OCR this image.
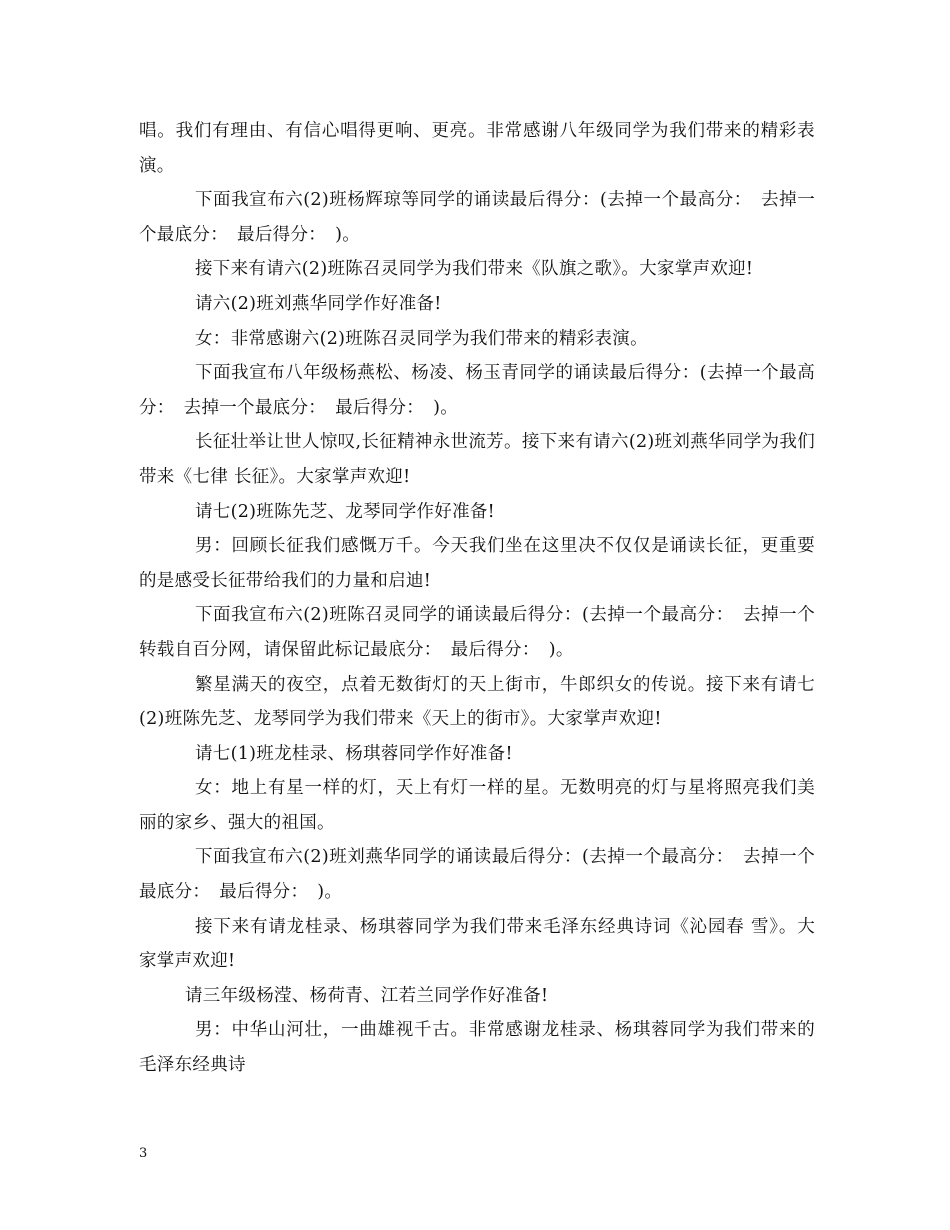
唱。我们有理由、有信心唱得更响、更亮。非常感谢八年级同学为我们带来的精彩表演。

下面我宣布六(2)班杨辉琼等同学的诵读最后得分：(去掉一个最高分：　去掉一个最底分：　最后得分：　)。

接下来有请六(2)班陈召灵同学为我们带来《队旗之歌》。大家掌声欢迎!

请六(2)班刘燕华同学作好准备!

女：非常感谢六(2)班陈召灵同学为我们带来的精彩表演。

下面我宣布八年级杨燕松、杨凌、杨玉青同学的诵读最后得分：(去掉一个最高分：　去掉一个最底分：　最后得分：　)。

长征壮举让世人惊叹,长征精神永世流芳。接下来有请六(2)班刘燕华同学为我们带来《七律 长征》。大家掌声欢迎!

请七(2)班陈先芝、龙琴同学作好准备!

男：回顾长征我们感慨万千。今天我们坐在这里决不仅仅是诵读长征，更重要的是感受长征带给我们的力量和启迪!

下面我宣布六(2)班陈召灵同学的诵读最后得分：(去掉一个最高分：　去掉一个转载自百分网，请保留此标记最底分：　最后得分：　)。

繁星满天的夜空，点着无数街灯的天上街市，牛郎织女的传说。接下来有请七(2)班陈先芝、龙琴同学为我们带来《天上的街市》。大家掌声欢迎!

请七(1)班龙桂录、杨琪蓉同学作好准备!

女：地上有星一样的灯，天上有灯一样的星。无数明亮的灯与星将照亮我们美丽的家乡、强大的祖国。

下面我宣布六(2)班刘燕华同学的诵读最后得分：(去掉一个最高分：　去掉一个最底分：　最后得分：　)。

接下来有请龙桂录、杨琪蓉同学为我们带来毛泽东经典诗词《沁园春 雪》。大家掌声欢迎!

请三年级杨滢、杨荷青、江若兰同学作好准备!

男：中华山河壮，一曲雄视千古。非常感谢龙桂录、杨琪蓉同学为我们带来的毛泽东经典诗

3
